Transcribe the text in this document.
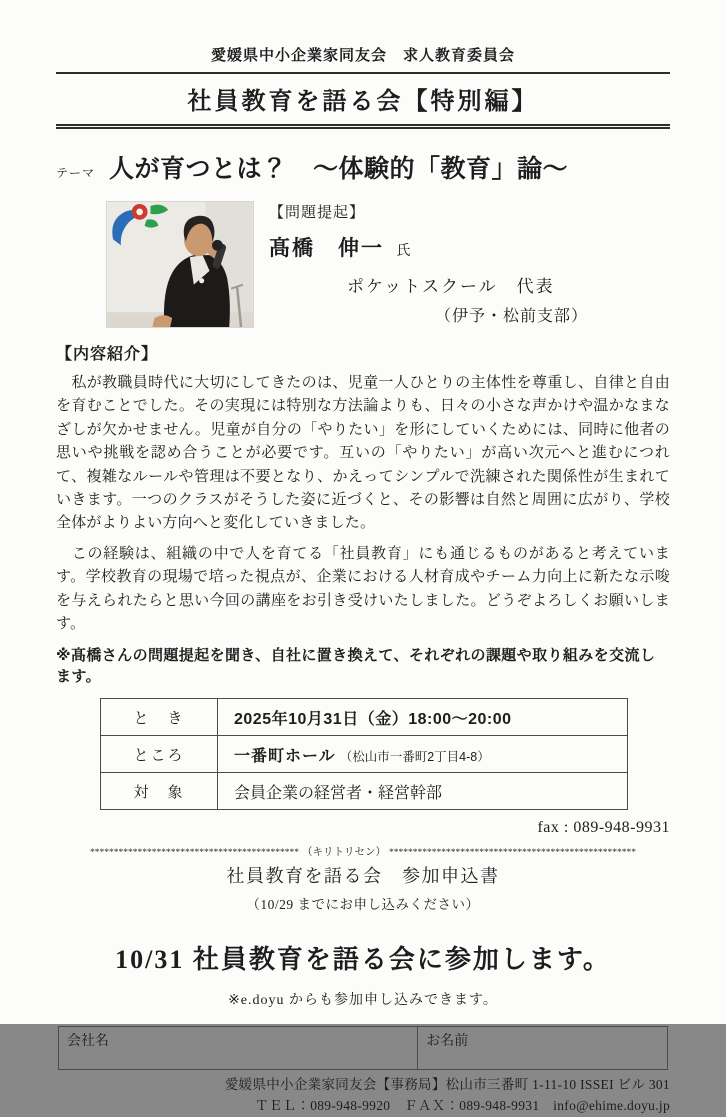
愛媛県中小企業家同友会　求人教育委員会
社員教育を語る会【特別編】
テーマ 人が育つとは？　～体験的「教育」論～
【問題提起】
髙橋　伸一 氏
ポケットスクール　代表
（伊予・松前支部）
【内容紹介】

　私が教職員時代に大切にしてきたのは、児童一人ひとりの主体性を尊重し、自律と自由を育むことでした。その実現には特別な方法論よりも、日々の小さな声かけや温かなまなざしが欠かせません。児童が自分の「やりたい」を形にしていくためには、同時に他者の思いや挑戦を認め合うことが必要です。互いの「やりたい」が高い次元へと進むにつれて、複雑なルールや管理は不要となり、かえってシンプルで洗練された関係性が生まれていきます。一つのクラスがそうした姿に近づくと、その影響は自然と周囲に広がり、学校全体がよりよい方向へと変化していきました。

　この経験は、組織の中で人を育てる「社員教育」にも通じるものがあると考えています。学校教育の現場で培った視点が、企業における人材育成やチーム力向上に新たな示唆を与えられたらと思い今回の講座をお引き受けいたしました。どうぞよろしくお願いします。

※髙橋さんの問題提起を聞き、自社に置き換えて、それぞれの課題や取り組みを交流します。
と　き	2025年10月31日（金）18:00～20:00
ところ	一番町ホール （松山市一番町2丁目4-8）
対　象	会員企業の経営者・経営幹部
fax : 089-948-9931
******************************************** （キリトリセン） ****************************************************
社員教育を語る会　参加申込書
（10/29 までにお申し込みください）
10/31 社員教育を語る会に参加します。
※e.doyu からも参加申し込みできます。
会社名	お名前
愛媛県中小企業家同友会【事務局】松山市三番町 1-11-10 ISSEI ビル 301
ＴＥＬ：089-948-9920　ＦＡＸ：089-948-9931　info@ehime.doyu.jp
